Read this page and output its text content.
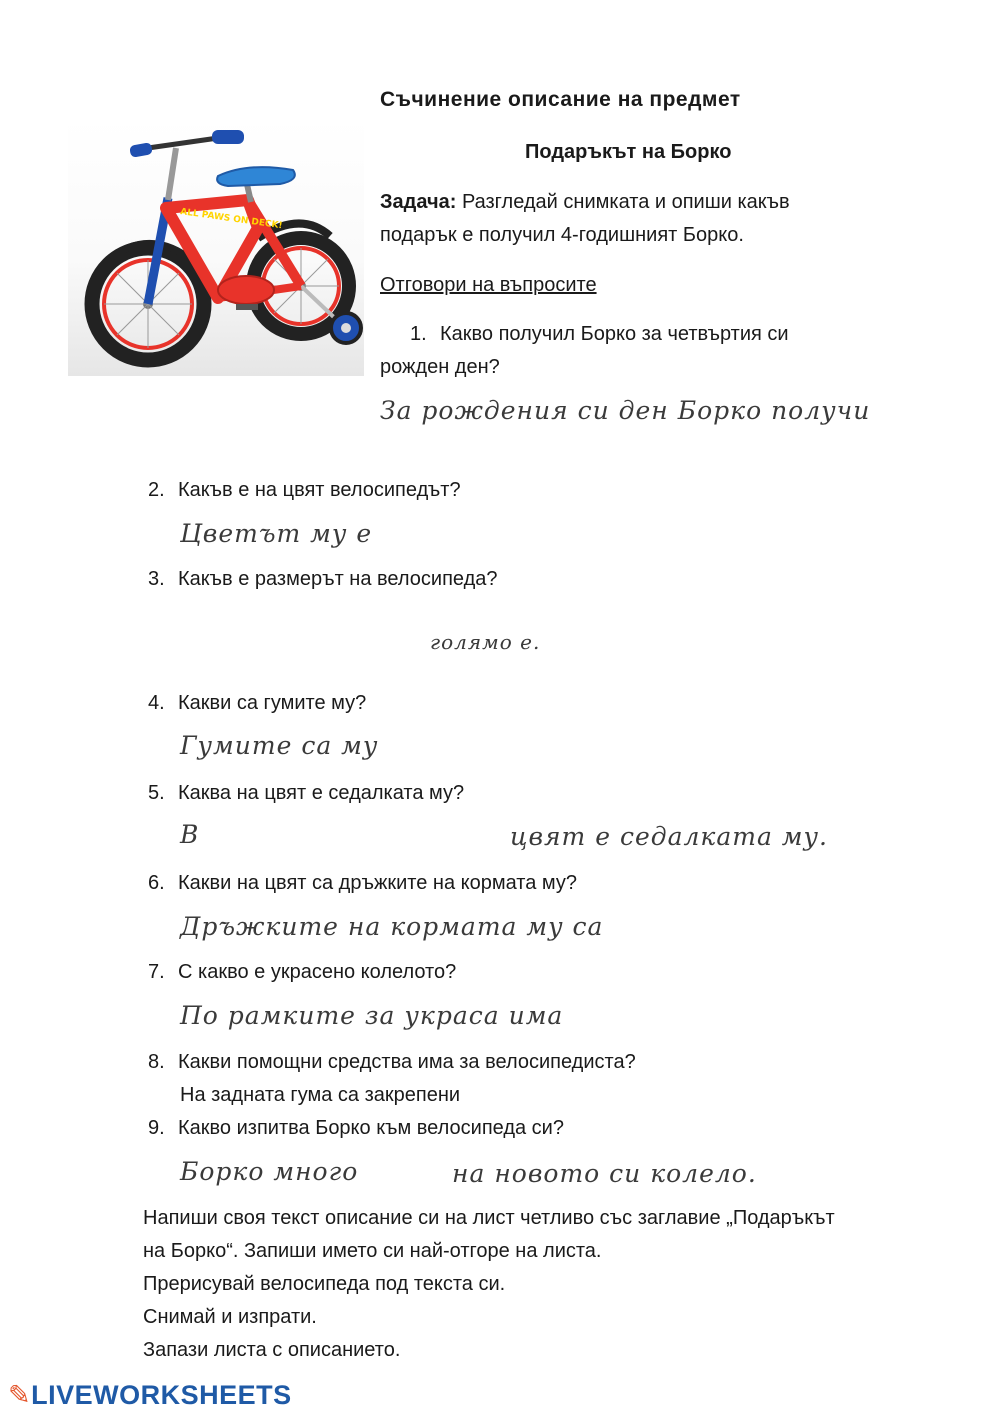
ALL PAWS ON DECK!
Съчинение описание на предмет
Подаръкът на Борко
Задача: Разгледай снимката и опиши какъв
подарък е получил 4-годишният Борко.
Отговори на въпросите
1. Какво получил Борко за четвъртия си
рожден ден?
За рождения си ден Борко получи
2. Какъв е на цвят велосипедът?
Цветът му е
3. Какъв е размерът на велосипеда?
голямо е.
4. Какви са гумите му?
Гумите са му
5. Каква на цвят е седалката му?
В	цвят е седалката му.
6. Какви на цвят са дръжките на кормата му?
Дръжките на кормата му са
7. С какво е украсено колелото?
По рамките за украса има
8. Какви помощни средства има за велосипедиста?
На задната гума са закрепени
9. Какво изпитва Борко към велосипеда си?
Борко много	на новото си колело.
Напиши своя текст описание си на лист четливо със заглавие „Подаръкът
на Борко“. Запиши името си най-отгоре на листа.
Прерисувай велосипеда под текста си.
Снимай и изпрати.
Запази листа с описанието.
✎LIVEWORKSHEETS
